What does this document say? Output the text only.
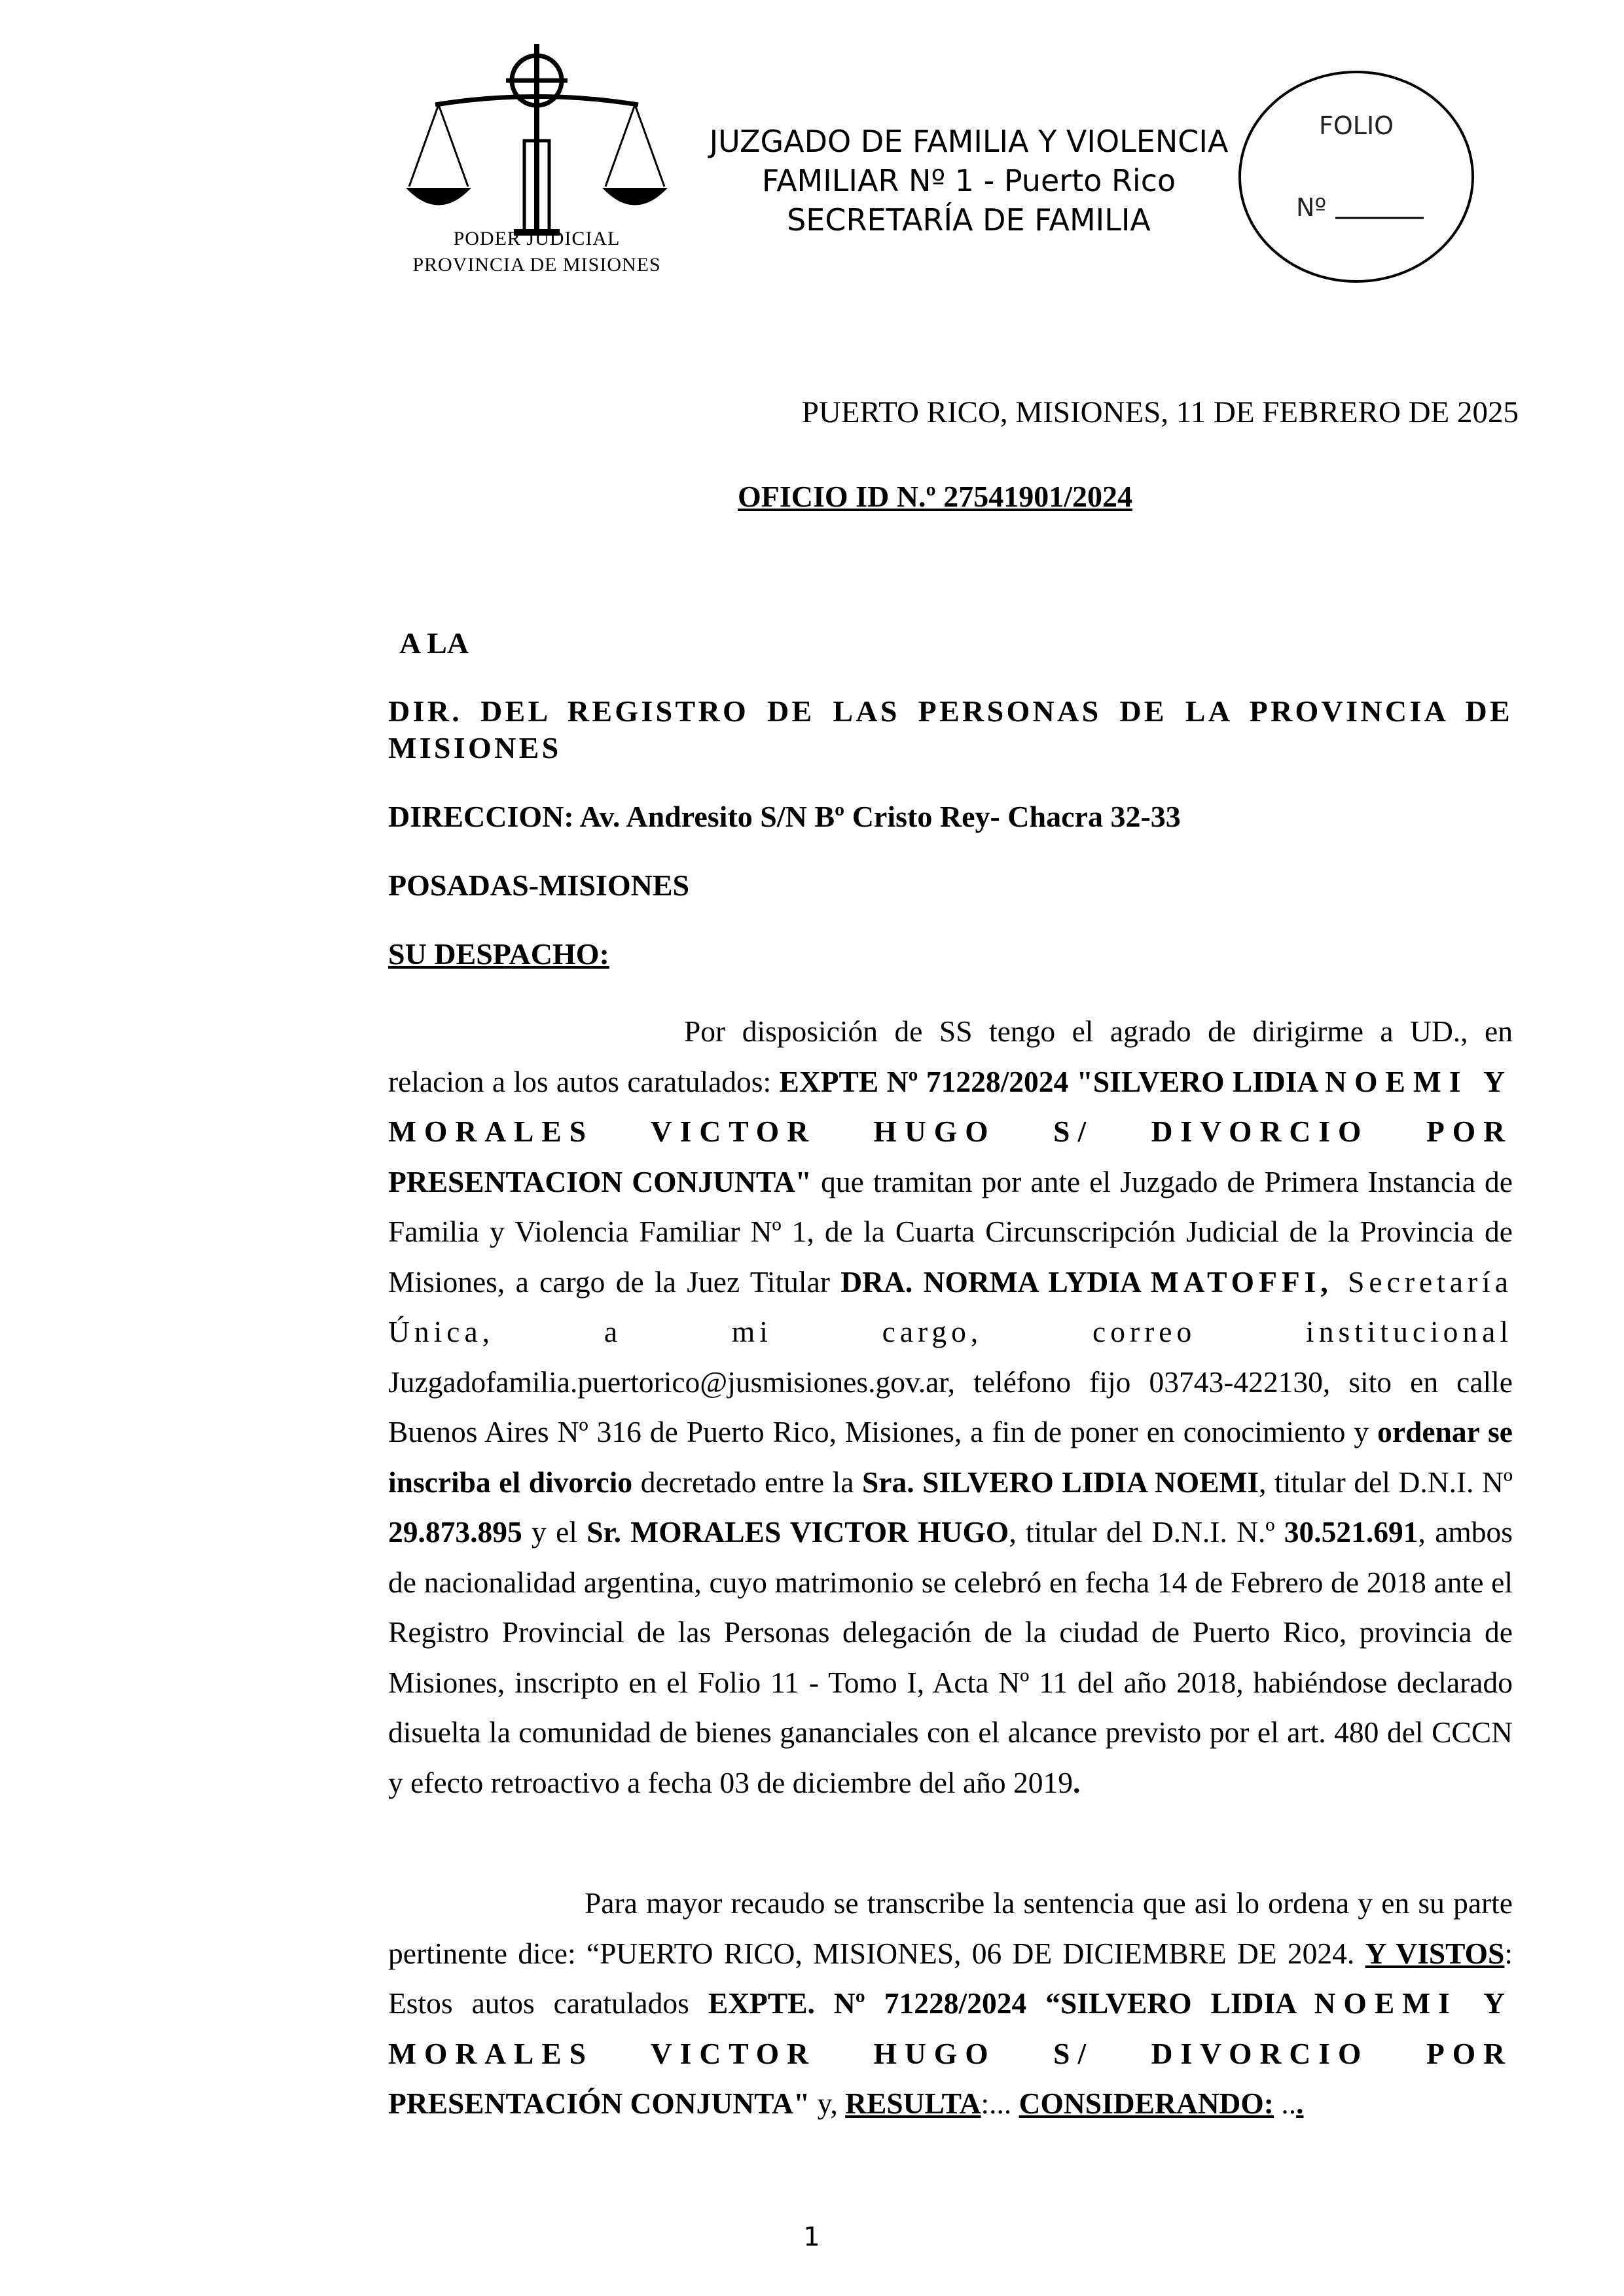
PODER JUDICIAL
PROVINCIA DE MISIONES
JUZGADO DE FAMILIA Y VIOLENCIA
FAMILIAR Nº 1 - Puerto Rico
SECRETARÍA DE FAMILIA
FOLIO
Nº
PUERTO RICO, MISIONES, 11 DE FEBRERO DE 2025
OFICIO ID N.º 27541901/2024
A LA
DIR. DEL REGISTRO DE LAS PERSONAS DE LA PROVINCIA DE MISIONES
DIRECCION: Av. Andresito S/N Bº Cristo Rey- Chacra 32-33
POSADAS-MISIONES
SU DESPACHO:
Por disposición de SS tengo el agrado de dirigirme a UD., en relacion a los autos caratulados: EXPTE Nº 71228/2024 "SILVERO LIDIA NOEMI Y MORALES VICTOR HUGO S/ DIVORCIO POR PRESENTACION CONJUNTA" que tramitan por ante el Juzgado de Primera Instancia de Familia y Violencia Familiar Nº 1, de la Cuarta Circunscripción Judicial de la Provincia de Misiones, a cargo de la Juez Titular DRA. NORMA LYDIA MATOFFI, Secretaría Única, a mi cargo, correo institucional Juzgadofamilia.puertorico@jusmisiones.gov.ar, teléfono fijo 03743-422130, sito en calle Buenos Aires Nº 316 de Puerto Rico, Misiones, a fin de poner en conocimiento y ordenar se inscriba el divorcio decretado entre la Sra. SILVERO LIDIA NOEMI, titular del D.N.I. Nº 29.873.895 y el Sr. MORALES VICTOR HUGO, titular del D.N.I. N.º 30.521.691, ambos de nacionalidad argentina, cuyo matrimonio se celebró en fecha 14 de Febrero de 2018 ante el Registro Provincial de las Personas delegación de la ciudad de Puerto Rico, provincia de Misiones, inscripto en el Folio 11 - Tomo I, Acta Nº 11 del año 2018, habiéndose declarado disuelta la comunidad de bienes gananciales con el alcance previsto por el art. 480 del CCCN y efecto retroactivo a fecha 03 de diciembre del año 2019.
Para mayor recaudo se transcribe la sentencia que asi lo ordena y en su parte pertinente dice: “PUERTO RICO, MISIONES, 06 DE DICIEMBRE DE 2024. Y VISTOS: Estos autos caratulados EXPTE. Nº 71228/2024 “SILVERO LIDIA NOEMI Y MORALES VICTOR HUGO S/ DIVORCIO POR PRESENTACIÓN CONJUNTA" y, RESULTA:... CONSIDERANDO: ...
1
